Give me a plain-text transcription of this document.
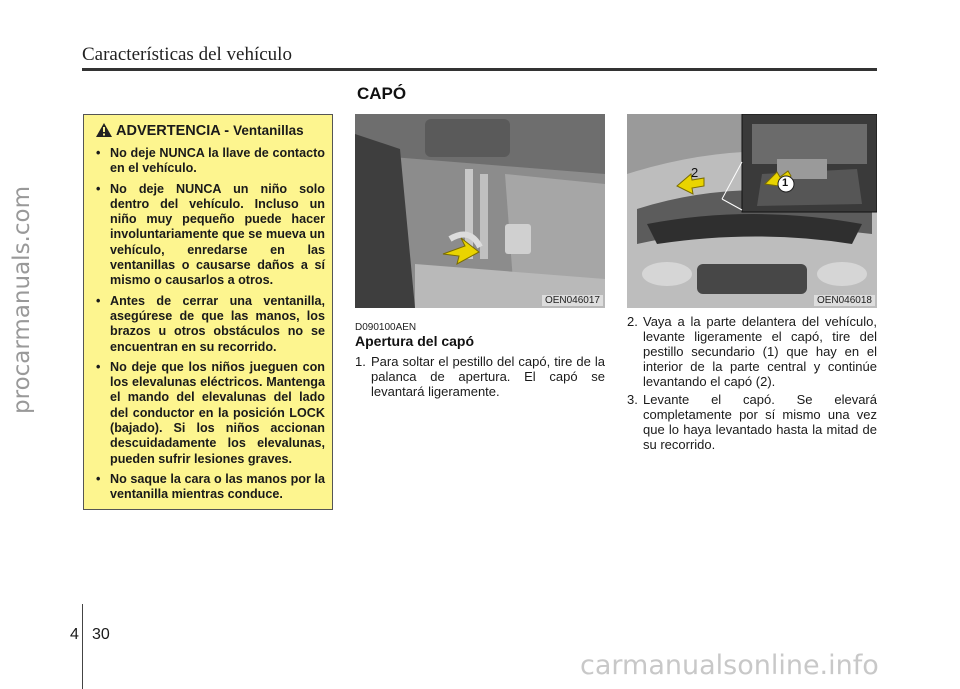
Características del vehículo
procarmanuals.com
CAPÓ
ADVERTENCIA - Ventanillas
• No deje NUNCA la llave de contacto en el vehículo.
• No deje NUNCA un niño solo dentro del vehículo. Incluso un niño muy pequeño puede hacer involuntariamente que se mueva un vehículo, enredarse en las ventanillas o causarse daños a sí mismo o causarlos a otros.
• Antes de cerrar una ventanilla, asegúrese de que las manos, los brazos u otros obstáculos no se encuentran en su recorrido.
• No deje que los niños jueguen con los elevalunas eléctricos. Mantenga el mando del elevalunas del lado del conductor en la posición LOCK (bajado). Si los niños accionan descuidadamente los elevalunas, pueden sufrir lesiones graves.
• No saque la cara o las manos por la ventanilla mientras conduce.
OEN046017
2
1
OEN046018
D090100AEN
Apertura del capó
1. Para soltar el pestillo del capó, tire de la palanca de apertura. El capó se levantará ligeramente.
2. Vaya a la parte delantera del vehículo, levante ligeramente el capó, tire del pestillo secundario (1) que hay en el interior de la parte central y continúe levantando el capó (2).
3. Levante el capó. Se elevará completamente por sí mismo una vez que lo haya levantado hasta la mitad de su recorrido.
4 30
carmanualsonline.info
